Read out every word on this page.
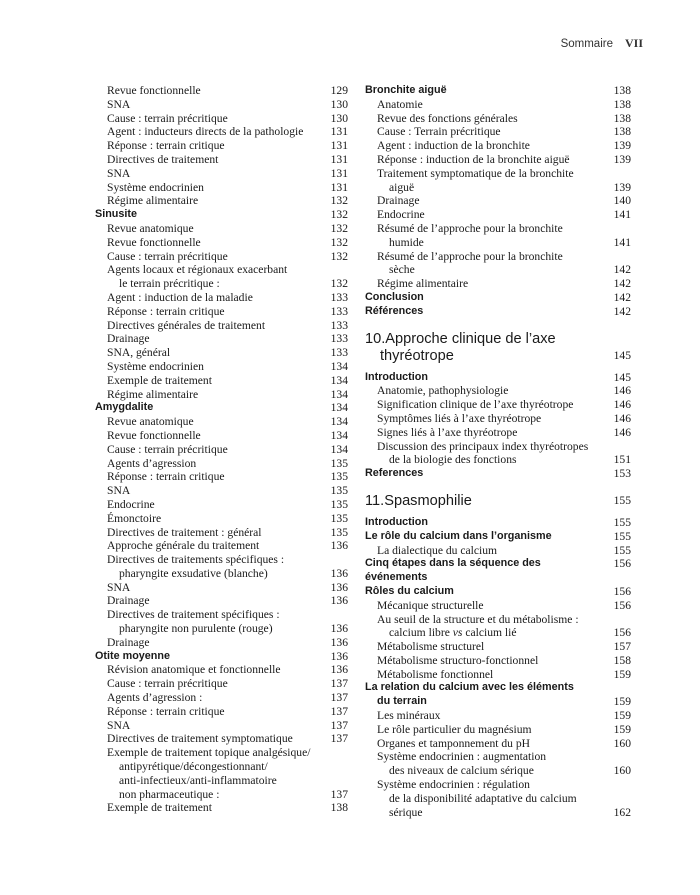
Sommaire VII
Revue fonctionnelle	129
SNA	130
Cause : terrain précritique	130
Agent : inducteurs directs de la pathologie	131
Réponse : terrain critique	131
Directives de traitement	131
SNA	131
Système endocrinien	131
Régime alimentaire	132
Sinusite	132
Revue anatomique	132
Revue fonctionnelle	132
Cause : terrain précritique	132
Agents locaux et régionaux exacerbant
le terrain précritique :	132
Agent : induction de la maladie	133
Réponse : terrain critique	133
Directives générales de traitement	133
Drainage	133
SNA, général	133
Système endocrinien	134
Exemple de traitement	134
Régime alimentaire	134
Amygdalite	134
Revue anatomique	134
Revue fonctionnelle	134
Cause : terrain précritique	134
Agents d’agression	135
Réponse : terrain critique	135
SNA	135
Endocrine	135
Émonctoire	135
Directives de traitement : général	135
Approche générale du traitement	136
Directives de traitements spécifiques :
pharyngite exsudative (blanche)	136
SNA	136
Drainage	136
Directives de traitement spécifiques :
pharyngite non purulente (rouge)	136
Drainage	136
Otite moyenne	136
Révision anatomique et fonctionnelle	136
Cause : terrain précritique	137
Agents d’agression :	137
Réponse : terrain critique	137
SNA	137
Directives de traitement symptomatique	137
Exemple de traitement topique analgésique/
antipyrétique/décongestionnant/
anti-infectieux/anti-inflammatoire
non pharmaceutique :	137
Exemple de traitement	138
Bronchite aiguë	138
Anatomie	138
Revue des fonctions générales	138
Cause : Terrain précritique	138
Agent : induction de la bronchite	139
Réponse : induction de la bronchite aiguë	139
Traitement symptomatique de la bronchite
aiguë	139
Drainage	140
Endocrine	141
Résumé de l’approche pour la bronchite
humide	141
Résumé de l’approche pour la bronchite
sèche	142
Régime alimentaire	142
Conclusion	142
Références	142
10.Approche clinique de l’axe
thyréotrope	145
Introduction	145
Anatomie, pathophysiologie	146
Signification clinique de l’axe thyréotrope	146
Symptômes liés à l’axe thyréotrope	146
Signes liés à l’axe thyréotrope	146
Discussion des principaux index thyréotropes
de la biologie des fonctions	151
References	153
11.Spasmophilie	155
Introduction	155
Le rôle du calcium dans l’organisme	155
La dialectique du calcium	155
Cinq étapes dans la séquence des événements
156
Rôles du calcium	156
Mécanique structurelle	156
Au seuil de la structure et du métabolisme :
calcium libre vs calcium lié	156
Métabolisme structurel	157
Métabolisme structuro-fonctionnel	158
Métabolisme fonctionnel	159
La relation du calcium avec les éléments
du terrain	159
Les minéraux	159
Le rôle particulier du magnésium	159
Organes et tamponnement du pH	160
Système endocrinien : augmentation
des niveaux de calcium sérique	160
Système endocrinien : régulation
de la disponibilité adaptative du calcium
sérique	162
